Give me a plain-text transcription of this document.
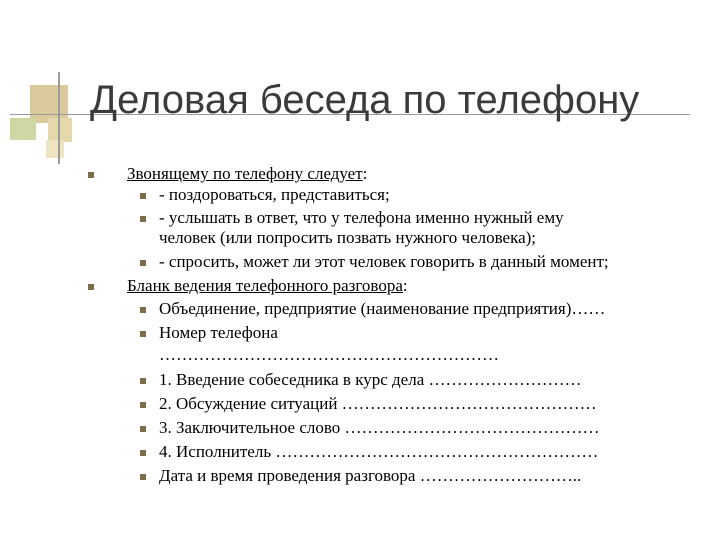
Деловая беседа по телефону
Звонящему по телефону следует:
- поздороваться, представиться;
- услышать в ответ, что у телефона именно нужный ему
человек (или попросить позвать нужного человека);
- спросить, может ли этот человек говорить в данный момент;
Бланк ведения телефонного разговора:
Объединение, предприятие (наименование предприятия)……
Номер телефона
……………………………………………………
1. Введение собеседника в курс дела ………………………
2. Обсуждение ситуаций ………………………………………
3. Заключительное слово ………………………………………
4. Исполнитель …………………………………………………
Дата и время проведения разговора ………………………..
